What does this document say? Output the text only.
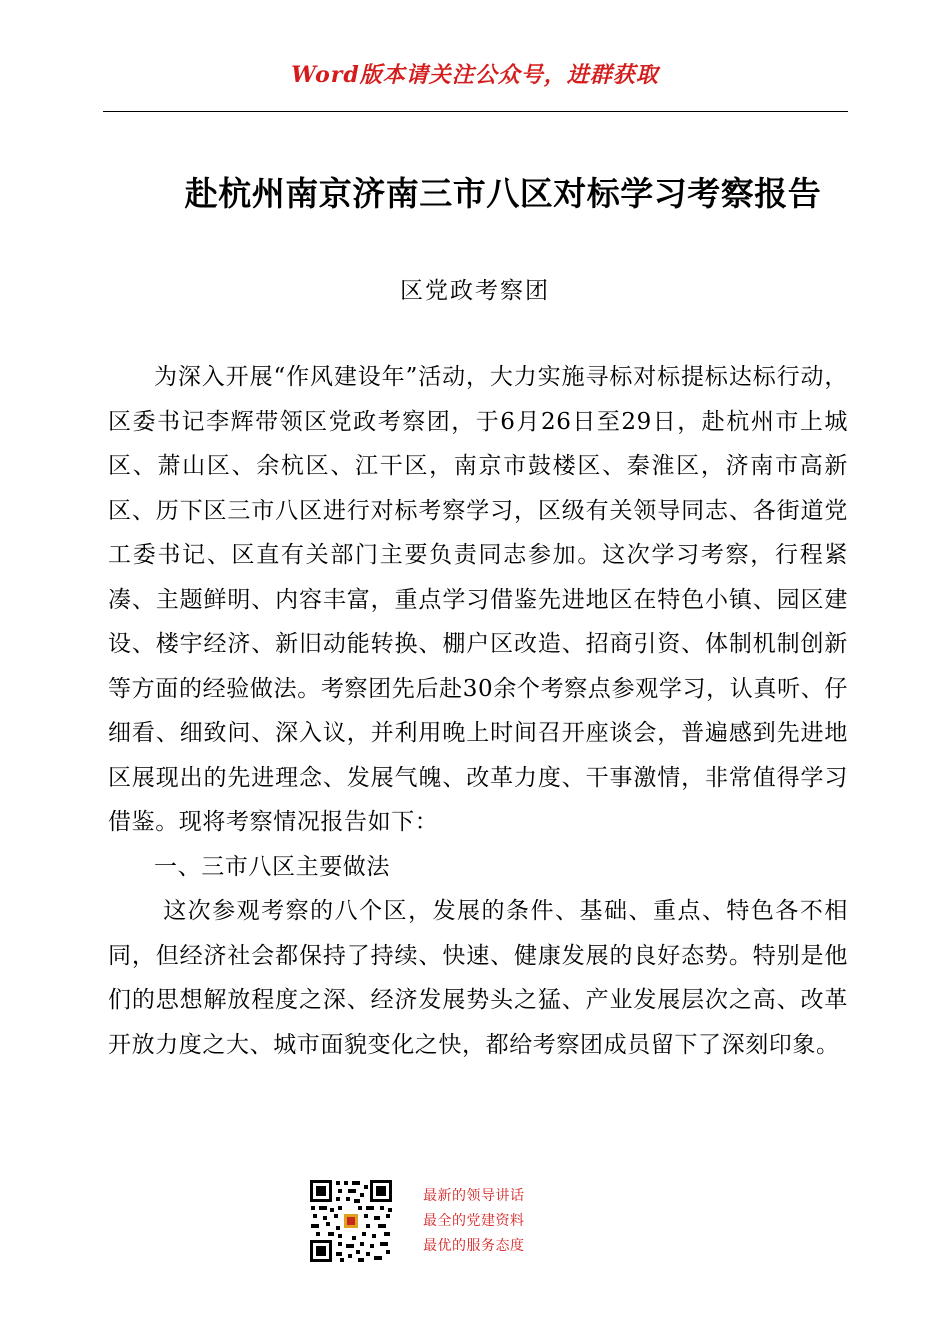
Word版本请关注公众号，进群获取
赴杭州南京济南三市八区对标学习考察报告
区党政考察团

为深入开展“作风建设年”活动，大力实施寻标对标提标达标行动，区委书记李辉带领区党政考察团，于6月26日至29日，赴杭州市上城区、萧山区、余杭区、江干区，南京市鼓楼区、秦淮区，济南市高新区、历下区三市八区进行对标考察学习，区级有关领导同志、各街道党工委书记、区直有关部门主要负责同志参加。这次学习考察，行程紧凑、主题鲜明、内容丰富，重点学习借鉴先进地区在特色小镇、园区建设、楼宇经济、新旧动能转换、棚户区改造、招商引资、体制机制创新等方面的经验做法。考察团先后赴30余个考察点参观学习，认真听、仔细看、细致问、深入议，并利用晚上时间召开座谈会，普遍感到先进地区展现出的先进理念、发展气魄、改革力度、干事激情，非常值得学习借鉴。现将考察情况报告如下：

一、三市八区主要做法

这次参观考察的八个区，发展的条件、基础、重点、特色各不相同，但经济社会都保持了持续、快速、健康发展的良好态势。特别是他们的思想解放程度之深、经济发展势头之猛、产业发展层次之高、改革开放力度之大、城市面貌变化之快，都给考察团成员留下了深刻印象。

最新的领导讲话
最全的党建资料
最优的服务态度
